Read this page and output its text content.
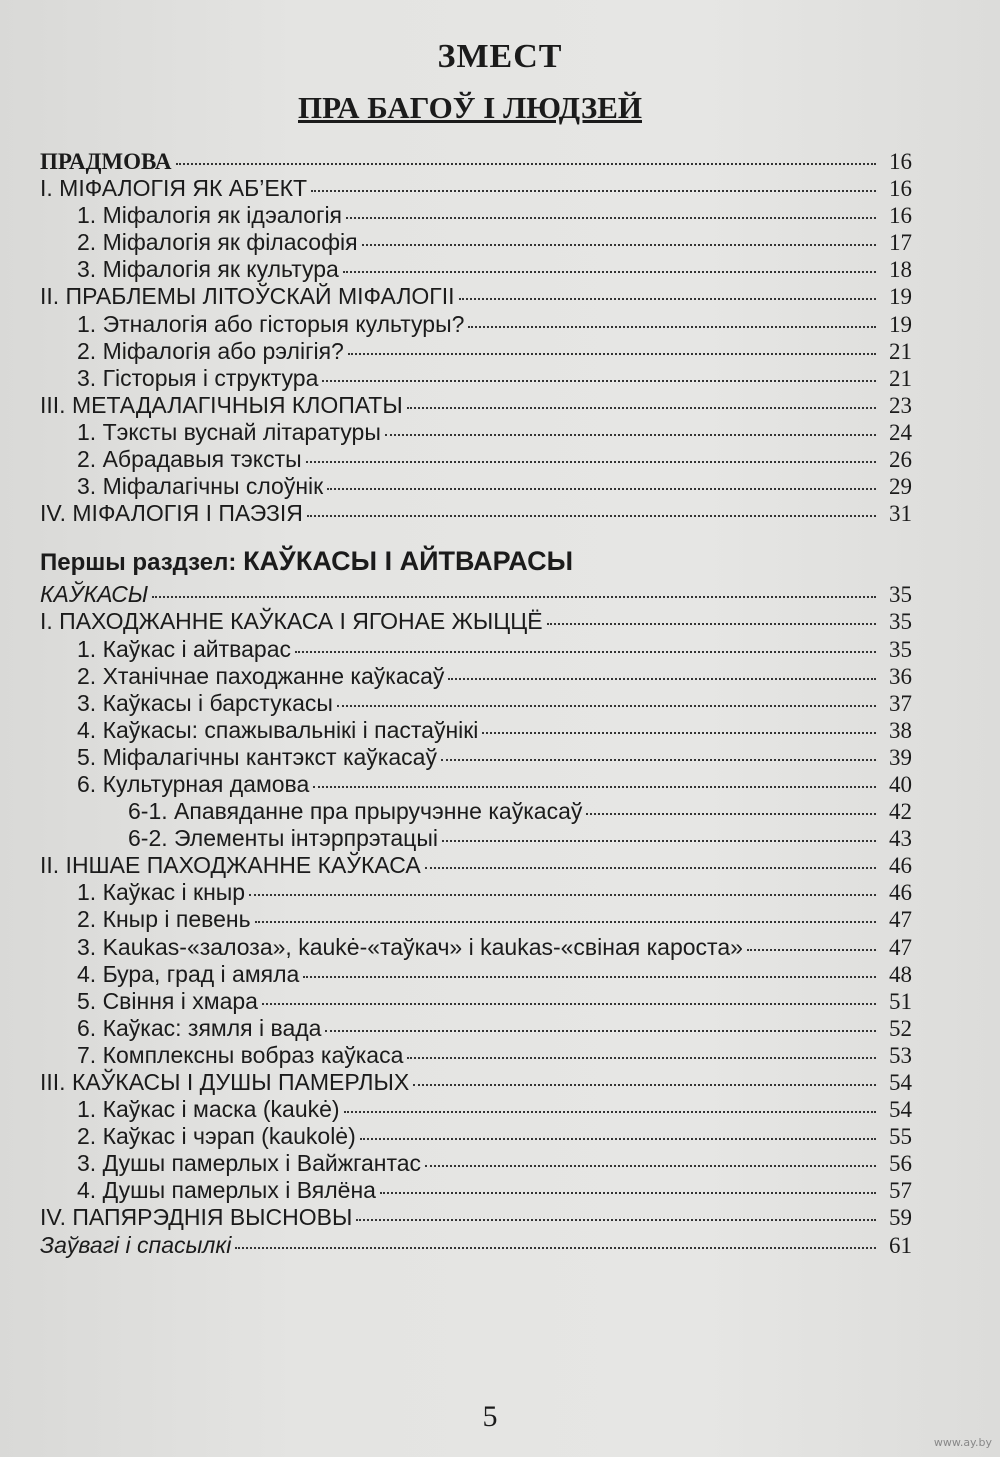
ЗМЕСТ
ПРА БАГОЎ І ЛЮДЗЕЙ
ПРАДМОВА	16
I. МІФАЛОГІЯ ЯК АБ’ЕКТ	16
1. Міфалогія як ідэалогія	16
2. Міфалогія як філасофія	17
3. Міфалогія як культура	18
II. ПРАБЛЕМЫ ЛІТОЎСКАЙ МІФАЛОГІІ	19
1. Этналогія або гісторыя культуры?	19
2. Міфалогія або рэлігія?	21
3. Гісторыя і структура	21
III. МЕТАДАЛАГІЧНЫЯ КЛОПАТЫ	23
1. Тэксты вуснай літаратуры	24
2. Абрадавыя тэксты	26
3. Міфалагічны слоўнік	29
IV. МІФАЛОГІЯ І ПАЭЗІЯ	31
Першы раздзел: КАЎКАСЫ І АЙТВАРАСЫ
КАЎКАСЫ	35
I. ПАХОДЖАННЕ КАЎКАСА І ЯГОНАЕ ЖЫЦЦЁ	35
1. Каўкас і айтварас	35
2. Хтанічнае паходжанне каўкасаў	36
3. Каўкасы і барстукасы	37
4. Каўкасы: спажывальнікі і пастаўнікі	38
5. Міфалагічны кантэкст каўкасаў	39
6. Культурная дамова	40
6-1. Апавяданне пра прыручэнне каўкасаў	42
6-2. Элементы інтэрпрэтацыі	43
II. ІНШАЕ ПАХОДЖАННЕ КАЎКАСА	46
1. Каўкас і кныр	46
2. Кныр і певень	47
3. Kaukas-«залоза», kaukė-«таўкач» і kaukas-«свіная кароста»	47
4. Бура, град і амяла	48
5. Свіння і хмара	51
6. Каўкас: зямля і вада	52
7. Комплексны вобраз каўкаса	53
III. КАЎКАСЫ І ДУШЫ ПАМЕРЛЫХ	54
1. Каўкас і маска (kaukė)	54
2. Каўкас і чэрап (kaukolė)	55
3. Душы памерлых і Вайжгантас	56
4. Душы памерлых і Вялёна	57
IV. ПАПЯРЭДНІЯ ВЫСНОВЫ	59
Заўвагі і спасылкі	61
5
www.ay.by
